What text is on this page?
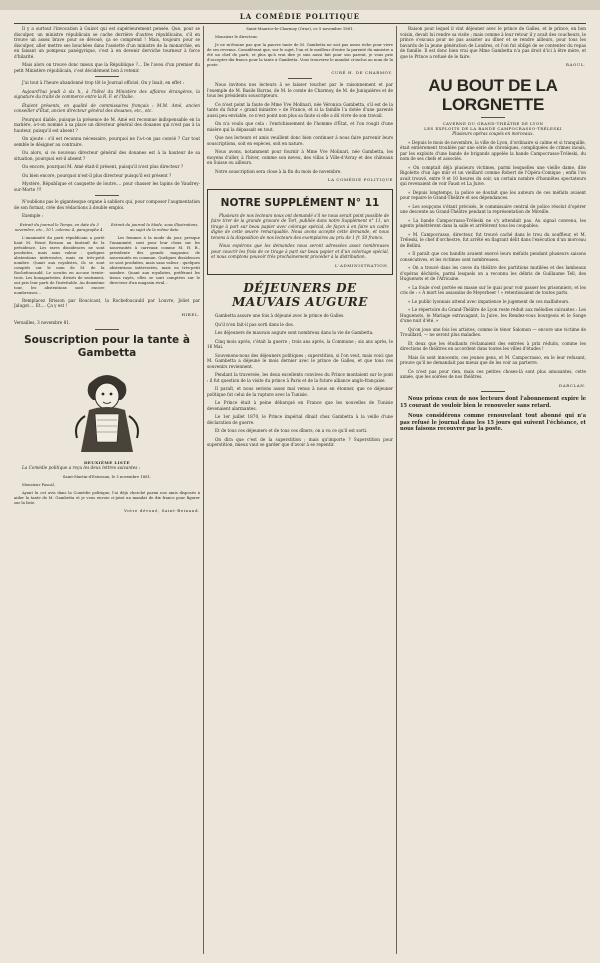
LA COMÉDIE POLITIQUE

Il y a surtout l'invocation à Guizot qui est supérieurement pensée. Que, pour se disculper, un ministre républicain se cache derrière d'autres républicains, s'il en trouve un assez brave pour se dévoué, ça se comprend ! Mais, toujours pour se disculper, aller mettre ses bouchées dans l'assiette d'un ministre de la monarchie, en en faisant un pompeux panégyrique, c'est à en devenir derviche tourneur à force d'hilarité.

Mais alors on trouve donc mieux que la République ?... De l'aveu d'un premier du petit Ministère républicain, c'est décidément bon à retenir.

J'ai tout à l'heure abandonné trop tôt le Journal officiel. On y lisait, en effet :

Aujourd'hui jeudi à six h., à l'hôtel du Ministère des affaires étrangères, la signature du traité de commerce entre la R. F. et l'Italie.

Étaient présents, en qualité de commissaires français : M.M. Amé, ancien conseiller d'État, ancien directeur général des douanes, etc., etc.

Pourquoi diable, puisque la présence de M. Amé est reconnue indispensable en la matière, a-t-on nommé à sa place un directeur général des douanes qui n'est pas à la hauteur, puisqu'il est absent ?

On ajoute : s'il est reconnu nécessaire, pourquoi ne l'a-t-on pas convié ? Car tout semble le désigner au contraire.

Ou alors, si ce nouveau directeur général des douanes est à la hauteur de sa situation, pourquoi est-il absent ?

Ou encore, pourquoi M. Amé était-il présent, puisqu'il n'est plus directeur ?

Ou bien encore, pourquoi n'est-il plus directeur puisqu'il est présent ?

Mystère, République et casquette de loutre.... pour chasser les lapins de Vaudrey-sur-Morte !!!

N'oublions pas le gigantesque organe à sabliers qui, pour composer l'augmentation de son format, crée des rédactions à double emploi.

Exemple :

Extrait du journal le Temps, en date du 3 novembre, etc., 10 l. colonne 4, paragraphe 4.

L'unanimité du parti républicain a porté haut M. Henri Brisson au fauteuil de la présidence. Les rares dissidences ne sont produites, mais sans valeur : quelques abstentions intéressées, mais en très-petit nombre. Quant aux royalistes, ils se sont comptés sur le nom de M. de la Rochefoucauld. Le scrutin en accuse trente-trois. Les bonapartistes, divisés de sentiment, ont pris leur parti de l'inévitable. Au deuxième tour, les abstentions sont encore nombreuses...

Extrait du journal la Mode, sous illustrations, au sujet de la même date.

Les femmes à la mode du jour, presque l'unanimité, sont pour leur choix sur les nouveautés à carreaux comme M. H. B., présidente des grands magasins de nouveautés en commun. Quelques dissidences se sont produites, mais sans valeur : quelques abstentions intéressées, mais en très-petit nombre. Quant aux royalistes, préférant les tissus rayés, elles se sont comptées sur le directeur d'un magasin rival...

Remplacez Brisson par Boucicaut, la Rochefoucauld par Louvre, Joliet par Jalugot.... Et.... Ça y est !

HIBEL.

Versailles, 3 novembre 81.

Souscription pour la tante à Gambetta
DEUXIÈME LISTE

La Comédie politique a reçu les deux lettres suivantes :

Saint-Martin-d'Estreaux, le 3 novembre 1881.

Monsieur Pascal,

Ayant lu cet avis dans la Comédie politique, l'ai déjà cherché parmi nos amis disposés à aider la tante de M. Gambetta et je vous envoie ci-joint un mandat de dix francs pour figurer sur la liste.

Votre dévoué, Saint-Beinaud.

Saint-Maurice-le-Charmoy (Orne), ce 5 novembre 1881.

Monsieur le directeur,

Je ne m'étonne pas que la pauvre tante de M. Gambetta ne soit pas assez riche pour vivre de ses revenus. Considérant que, sur le sujet, l'un et le meilleur d'entre la parenté du ministre a été un chef de parti, et plus qu'à vrai dire je suis aussi fait pour son parent, je vous prie d'accepter dix francs pour la tante à Gambetta. Vous trouverez le mandat ci-inclus au nom de la poste.

CURÉ H. DE CHARMOY.

Nous invitons nos lecteurs à se laisser toucher par le raisonnement et par l'exemple de M. Basile Barras, de M. le comte de Charmoy, de M. de Juniquières et de tous les présidents souscripteurs.

Ce n'est point la faute de Mme Vve Molinari, née Véronica Gambetta, s'il est de la tante du futur « grand ministre » de France, et si la famille l'a dotée d'une parenté aussi peu enviable, ce n'est point non plus sa faute si elle a dû vivre de son travail.

On n'a voulu que cela : l'enrichissement de l'homme d'État, et l'on rougit d'une misère qui la dépassait en tout.

Que nos lecteurs et amis veuillent donc bien continuer à nous faire parvenir leurs souscriptions, soit en espèces, soit en nature.

Nous avons, notamment pour fournir à Mme Vve Molinari, née Gambetta, les moyens d'aller, à l'hiver, comme son neveu, des villas à Ville-d'Avray et des châteaux en Suisse ou ailleurs.

Notre souscription sera close à la fin du mois de novembre.

LA COMÉDIE POLITIQUE

NOTRE SUPPLÉMENT N° 11

Plusieurs de nos lecteurs nous ont demandé s'il ne nous serait point possible de faire tirer de la grande gravure de Torl, publiée dans notre Supplément n° 11, un tirage à part sur beau papier avec colorage spécial, de façon à en faire un cadre digne de cette œuvre remarquable. Nous avons accepté cette demande, et nous tenons à la disposition de nos lecteurs des exemplaires au prix de 1 fr. 50 franco.

Nous espérons que les demandes nous seront adressées assez nombreuses pour couvrir les frais de ce tirage à part sur beau papier et d'un coloriage spécial, et nous comptons pouvoir très prochainement procéder à la distribution.

L'ADMINISTRATION.

DÉJEUNERS DE MAUVAIS AUGURE

Gambetta assure une fois à déjeuné avec le prince de Galles.

Qu'il n'en fait-il pas sorti dans le dos.

Les déjeuners de mauvais augure sont nombreux dans la vie de Gambetta.

Cinq mois après, c'était la guerre ; trois ans après, la Commune ; six ans après, le 16 Mai.

Souvenons-nous des déjeuners politiques ; superstition, si l'on veut, mais voici que M. Gambetta a déjeuné le mois dernier avec le prince de Galles, et que tous ces souvenirs reviennent.

Pendant la traversée, les deux excellents convives du Prince montaient sur le pont : il fut question de la visite du prince à Paris et de la future alliance anglo-française.

Il paraît, et nous serions assez mal venus à nous en étonner, que ce déjeuner politique fut celui de la rupture avec la Tunisie.

Le Prince était à peine débarqué en France que les nouvelles de Tunisie devenaient alarmantes.

Le 1er juillet 1870, le Prince impérial dînait chez Gambetta à la veille d'une déclaration de guerre.

Et de tous ces déjeuners et de tous ces dîners, on a vu ce qu'il est sorti.

On dira que c'est de la superstition ; mais qu'importe ? Superstition pour superstition, mieux vaut se garder que d'avoir à se repentir.

Raison pour lequel il vint déjeuner avec le prince de Galles, et le prince, en bon voisin, devait lui rendre sa visite ; mais comme à leur retour il y avait des coucheurs, le prince s'excusa pour ne pas assister au dîner et se rendre ailleurs, pour tous les bavards de la jeune génération de Londres, et l'on fut obligé de se contenter du repas de famille. Il est donc bien vrai que Mme Gambetta n'a pas droit d'ici à être mère, et que le Prince a refusé de le faire.

RAOUL.

AU BOUT DE LA LORGNETTE
CAVERNE DU GRAND-THÉÂTRE DE LYON
LES EXPLOITS DE LA BANDE CAMPOCRASSO-TRÉLESKI

Plusieurs opéras coupés en morceaux.

« Depuis le mois de novembre, la ville de Lyon, d'ordinaire si calme et si tranquille, était entièrement troublée par une série de chroniques, compliquées de crimes inouïs, par les exploits d'une bande de brigands appelée la bande Campocrasso-Tréleski, du nom de ses chefs et associés.

« On comptait déjà plusieurs victimes, parmi lesquelles une vieille dame, dite Rigoletto d'un âge mûr et un vieillard comme Robert de l'Opéra-Comique ; enfin l'on avait trouvé, entre 9 et 10 heures du soir, un certain nombre d'honnêtes spectateurs qui revenaient de voir Faust et La Juive.

« Depuis longtemps, la police se doutait que les auteurs de ces méfaits avaient pour repaire le Grand-Théâtre et ses dépendances.

« Les soupçons s'étant précisés, le commissaire central de police résolut d'opérer une descente au Grand-Théâtre pendant la représentation de Mireille.

« La bande Campocrasso-Tréleski ne s'y attendait pas. Au signal convenu, les agents pénétrèrent dans la salle et arrêtèrent tous les coupables.

« M. Campocrasso, directeur, fut trouvé caché dans le trou du souffleur, et M. Tréleski, le chef d'orchestre, fut arrêté en flagrant délit dans l'exécution d'un morceau de Bellini.

« Il paraît que ces bandits avaient exercé leurs méfaits pendant plusieurs saisons consécutives, et les victimes sont nombreuses.

« On a trouvé dans les caves du théâtre des partitions mutilées et des lambeaux d'opéras déchirés, parmi lesquels on a reconnu les débris de Guillaume Tell, des Huguenots et de l'Africaine.

« La foule s'est portée en masse sur le quai pour voir passer les prisonniers, et les cris de : « À mort les assassins de Meyerbeer ! » retentissaient de toutes parts.

« Le public lyonnais attend avec impatience le jugement de ces malfaiteurs.

« Le répertoire du Grand-Théâtre de Lyon reste réduit aux mélodies suivantes : Les Huguenots, le Mariage extravagant, la Juive, les Rendez-vous bourgeois et le Songe d'une nuit d'été. »

Qu'on joue une fois les artistes, comme le ténor Salomon — encore une victime de Trouillard, — ne seront plus maladies.

Et deux que les étudiants réclamaient des entrées à prix réduits, comme les directions de théâtres en accordent dans toutes les villes d'études !

Mais ils sont innocents, ces jeunes gens, et M. Campocrasso, en le leur refusant, prouve qu'il ne demandait pas mieux que de les voir au parterre.

Ce n'est pas pour rien, mais ces petites choses-là sont plus amusantes, cette année, que les soirées de nos théâtres.

DARCLAN.

Nous prions ceux de nos lecteurs dont l'abonnement expire le 15 courant de vouloir bien le renouveler sans retard.

Nous considérons comme renouvelant tout abonné qui n'a pas refusé le journal dans les 15 jours qui suivent l'échéance, et nous faisons recouvrer par la poste.
